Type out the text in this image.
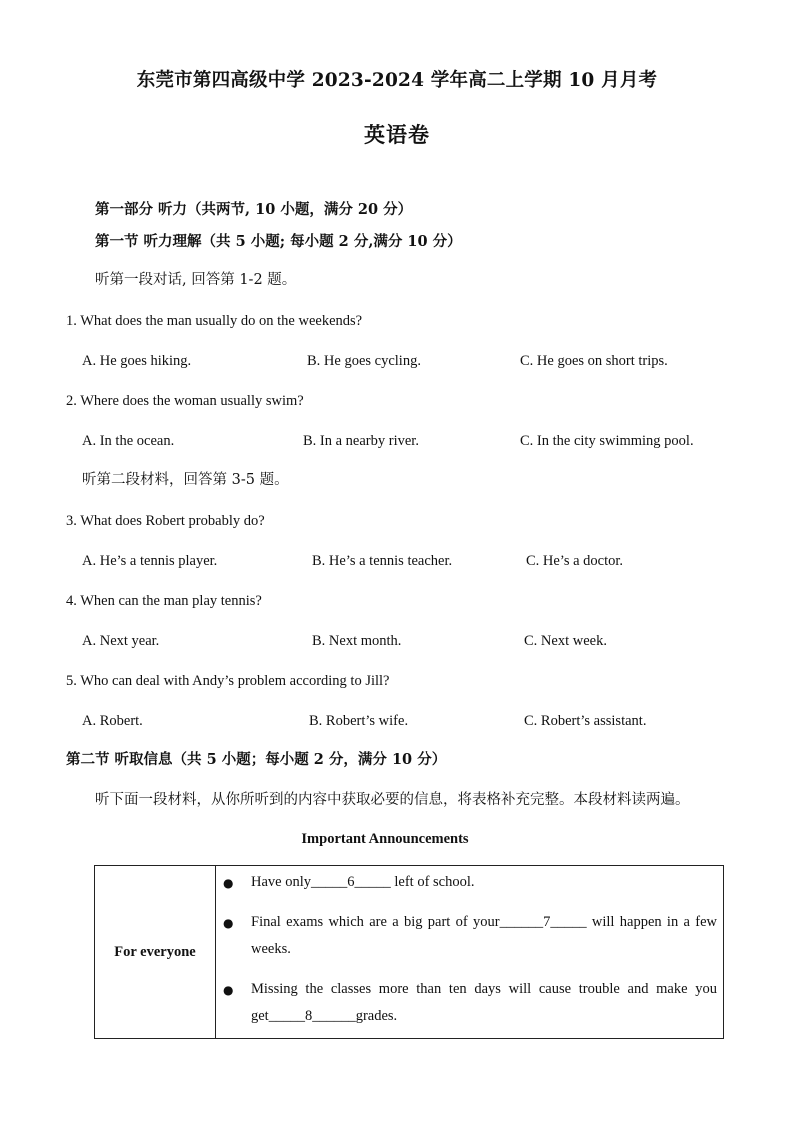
东莞市第四高级中学 2023-2024 学年高二上学期 10 月月考
英语卷
第一部分 听力（共两节, 10 小题，满分 20 分）
第一节 听力理解（共 5 小题; 每小题 2 分,满分 10 分）
听第一段对话, 回答第 1-2 题。
1. What does the man usually do on the weekends?
A. He goes hiking.	B. He goes cycling.	C. He goes on short trips.
2. Where does the woman usually swim?
A. In the ocean.	B. In a nearby river.	C. In the city swimming pool.
听第二段材料，回答第 3-5 题。
3. What does Robert probably do?
A. He’s a tennis player.	B. He’s a tennis teacher.	C. He’s a doctor.
4. When can the man play tennis?
A. Next year.	B. Next month.	C. Next week.
5. Who can deal with Andy’s problem according to Jill?
A. Robert.	B. Robert’s wife.	C. Robert’s assistant.
第二节 听取信息（共 5 小题；每小题 2 分，满分 10 分）
听下面一段材料，从你所听到的内容中获取必要的信息，将表格补充完整。本段材料读两遍。
Important Announcements
For everyone
● Have only_____6_____ left of school.
● Final exams which are a big part of your______7_____ will happen in a few weeks.
● Missing the classes more than ten days will cause trouble and make you get_____8______grades.
